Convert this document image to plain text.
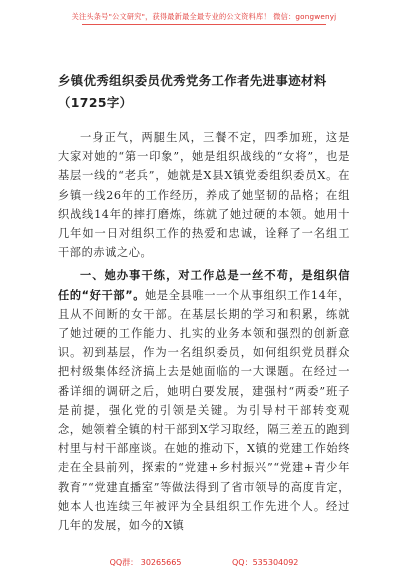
关注头条号"公文研究"，获得最新最全最专业的公文资料库！ 微信：gongwenyj
乡镇优秀组织委员优秀党务工作者先进事迹材料（1725字）

一身正气，两腿生风，三餐不定，四季加班，这是大家对她的“第一印象”，她是组织战线的“女将”，也是基层一线的“老兵”，她就是X县X镇党委组织委员X。在乡镇一线26年的工作经历，养成了她坚韧的品格；在组织战线14年的摔打磨炼，练就了她过硬的本领。她用十几年如一日对组织工作的热爱和忠诚，诠释了一名组工干部的赤诚之心。

一、她办事干练，对工作总是一丝不苟，是组织信任的“好干部”。她是全县唯一一个从事组织工作14年，且从不间断的女干部。在基层长期的学习和积累，练就了她过硬的工作能力、扎实的业务本领和强烈的创新意识。初到基层，作为一名组织委员，如何组织党员群众把村级集体经济搞上去是她面临的一大课题。在经过一番详细的调研之后，她明白要发展，建强村“两委”班子是前提，强化党的引领是关键。为引导村干部转变观念，她领着全镇的村干部到X学习取经，隔三差五的跑到村里与村干部座谈。在她的推动下，X镇的党建工作始终走在全县前列，探索的“党建+乡村振兴”“党建+青少年教育”“党建直播室”等做法得到了省市领导的高度肯定，她本人也连续三年被评为全县组织工作先进个人。经过几年的发展，如今的X镇

QQ群： 30265665	QQ：535304092
